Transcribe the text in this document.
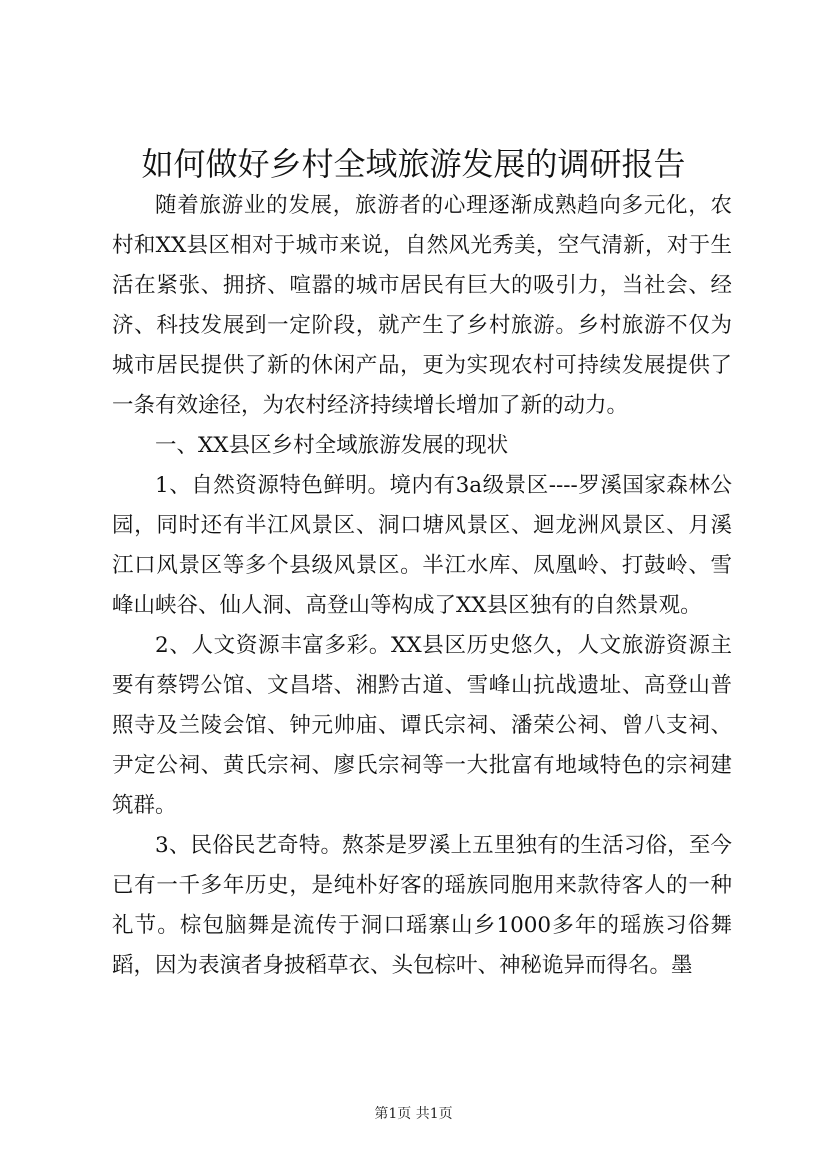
如何做好乡村全域旅游发展的调研报告

随着旅游业的发展，旅游者的心理逐渐成熟趋向多元化，农村和XX县区相对于城市来说，自然风光秀美，空气清新，对于生活在紧张、拥挤、喧嚣的城市居民有巨大的吸引力，当社会、经济、科技发展到一定阶段，就产生了乡村旅游。乡村旅游不仅为城市居民提供了新的休闲产品，更为实现农村可持续发展提供了一条有效途径，为农村经济持续增长增加了新的动力。

一、XX县区乡村全域旅游发展的现状

1、自然资源特色鲜明。境内有3a级景区----罗溪国家森林公园，同时还有半江风景区、洞口塘风景区、迴龙洲风景区、月溪江口风景区等多个县级风景区。半江水库、凤凰岭、打鼓岭、雪峰山峡谷、仙人洞、高登山等构成了XX县区独有的自然景观。

2、人文资源丰富多彩。XX县区历史悠久，人文旅游资源主要有蔡锷公馆、文昌塔、湘黔古道、雪峰山抗战遗址、高登山普照寺及兰陵会馆、钟元帅庙、谭氏宗祠、潘荣公祠、曾八支祠、尹定公祠、黄氏宗祠、廖氏宗祠等一大批富有地域特色的宗祠建筑群。

3、民俗民艺奇特。熬茶是罗溪上五里独有的生活习俗，至今已有一千多年历史，是纯朴好客的瑶族同胞用来款待客人的一种礼节。棕包脑舞是流传于洞口瑶寨山乡1000多年的瑶族习俗舞蹈，因为表演者身披稻草衣、头包棕叶、神秘诡异而得名。墨

第1页 共1页
